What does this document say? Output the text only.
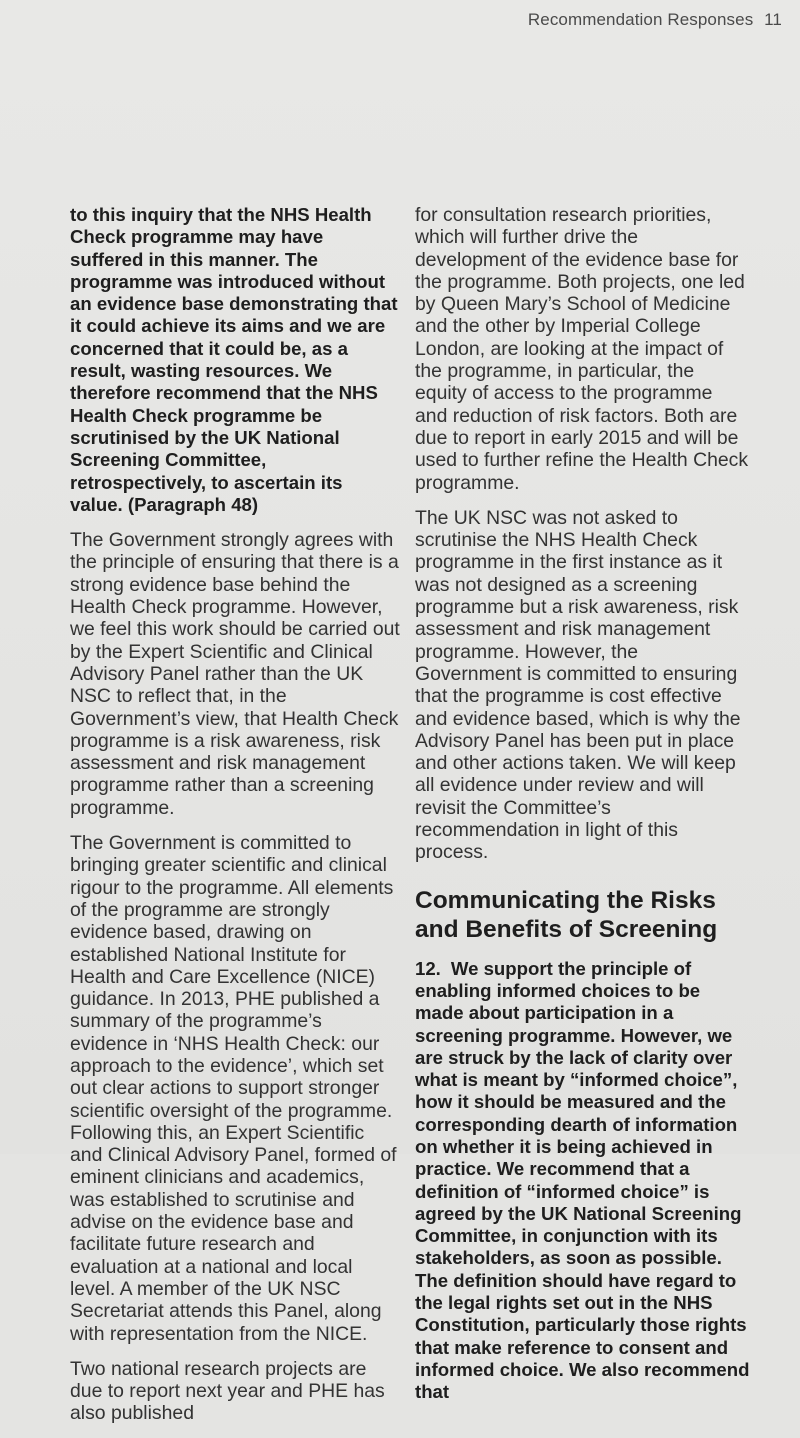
Recommendation Responses 11

to this inquiry that the NHS Health Check programme may have suffered in this manner. The programme was introduced without an evidence base demonstrating that it could achieve its aims and we are concerned that it could be, as a result, wasting resources. We therefore recommend that the NHS Health Check programme be scrutinised by the UK National Screening Committee, retrospectively, to ascertain its value. (Paragraph 48)

The Government strongly agrees with the principle of ensuring that there is a strong evidence base behind the Health Check programme. However, we feel this work should be carried out by the Expert Scientific and Clinical Advisory Panel rather than the UK NSC to reflect that, in the Government’s view, that Health Check programme is a risk awareness, risk assessment and risk management programme rather than a screening programme.

The Government is committed to bringing greater scientific and clinical rigour to the programme. All elements of the programme are strongly evidence based, drawing on established National Institute for Health and Care Excellence (NICE) guidance. In 2013, PHE published a summary of the programme’s evidence in ‘NHS Health Check: our approach to the evidence’, which set out clear actions to support stronger scientific oversight of the programme. Following this, an Expert Scientific and Clinical Advisory Panel, formed of eminent clinicians and academics, was established to scrutinise and advise on the evidence base and facilitate future research and evaluation at a national and local level. A member of the UK NSC Secretariat attends this Panel, along with representation from the NICE.

Two national research projects are due to report next year and PHE has also published

for consultation research priorities, which will further drive the development of the evidence base for the programme. Both projects, one led by Queen Mary’s School of Medicine and the other by Imperial College London, are looking at the impact of the programme, in particular, the equity of access to the programme and reduction of risk factors. Both are due to report in early 2015 and will be used to further refine the Health Check programme.

The UK NSC was not asked to scrutinise the NHS Health Check programme in the first instance as it was not designed as a screening programme but a risk awareness, risk assessment and risk management programme. However, the Government is committed to ensuring that the programme is cost effective and evidence based, which is why the Advisory Panel has been put in place and other actions taken. We will keep all evidence under review and will revisit the Committee’s recommendation in light of this process.

Communicating the Risks and Benefits of Screening

12. We support the principle of enabling informed choices to be made about participation in a screening programme. However, we are struck by the lack of clarity over what is meant by “informed choice”, how it should be measured and the corresponding dearth of information on whether it is being achieved in practice. We recommend that a definition of “informed choice” is agreed by the UK National Screening Committee, in conjunction with its stakeholders, as soon as possible. The definition should have regard to the legal rights set out in the NHS Constitution, particularly those rights that make reference to consent and informed choice. We also recommend that
